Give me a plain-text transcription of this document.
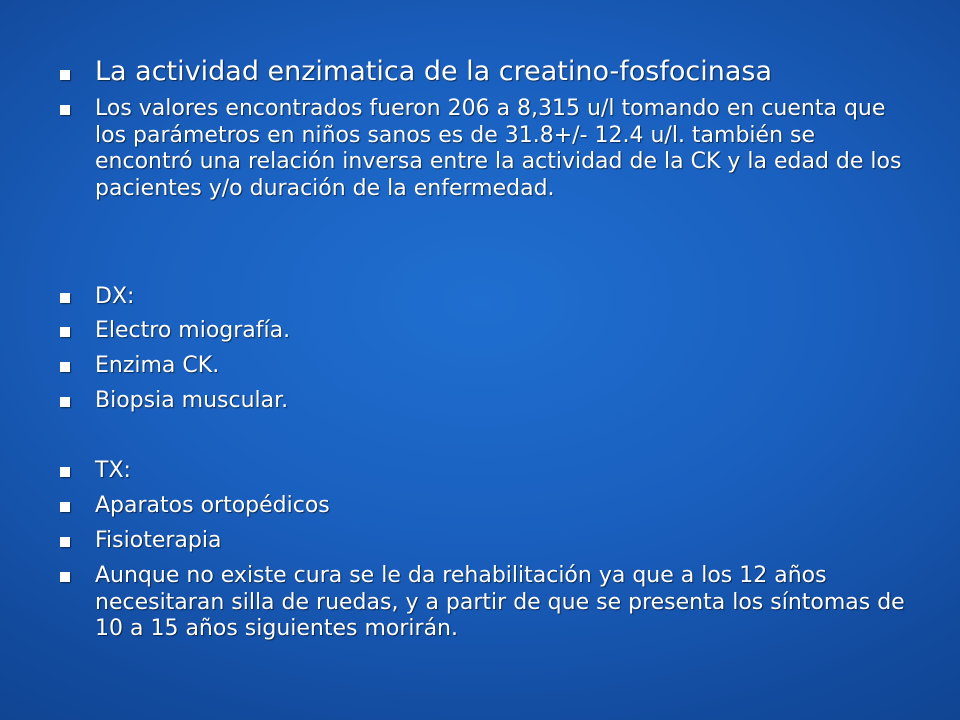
La actividad enzimatica de la creatino-fosfocinasa
Los valores encontrados fueron 206 a 8,315 u/l tomando en cuenta que los parámetros en niños sanos es de 31.8+/- 12.4 u/l. también se encontró una relación inversa entre la actividad de la CK y la edad de los pacientes y/o duración de la enfermedad.
DX:
Electro miografía.
Enzima CK.
Biopsia muscular.
TX:
Aparatos ortopédicos
Fisioterapia
Aunque no existe cura se le da rehabilitación ya que a los 12 años necesitaran silla de ruedas, y a partir de que se presenta los síntomas de 10 a 15 años siguientes morirán.
